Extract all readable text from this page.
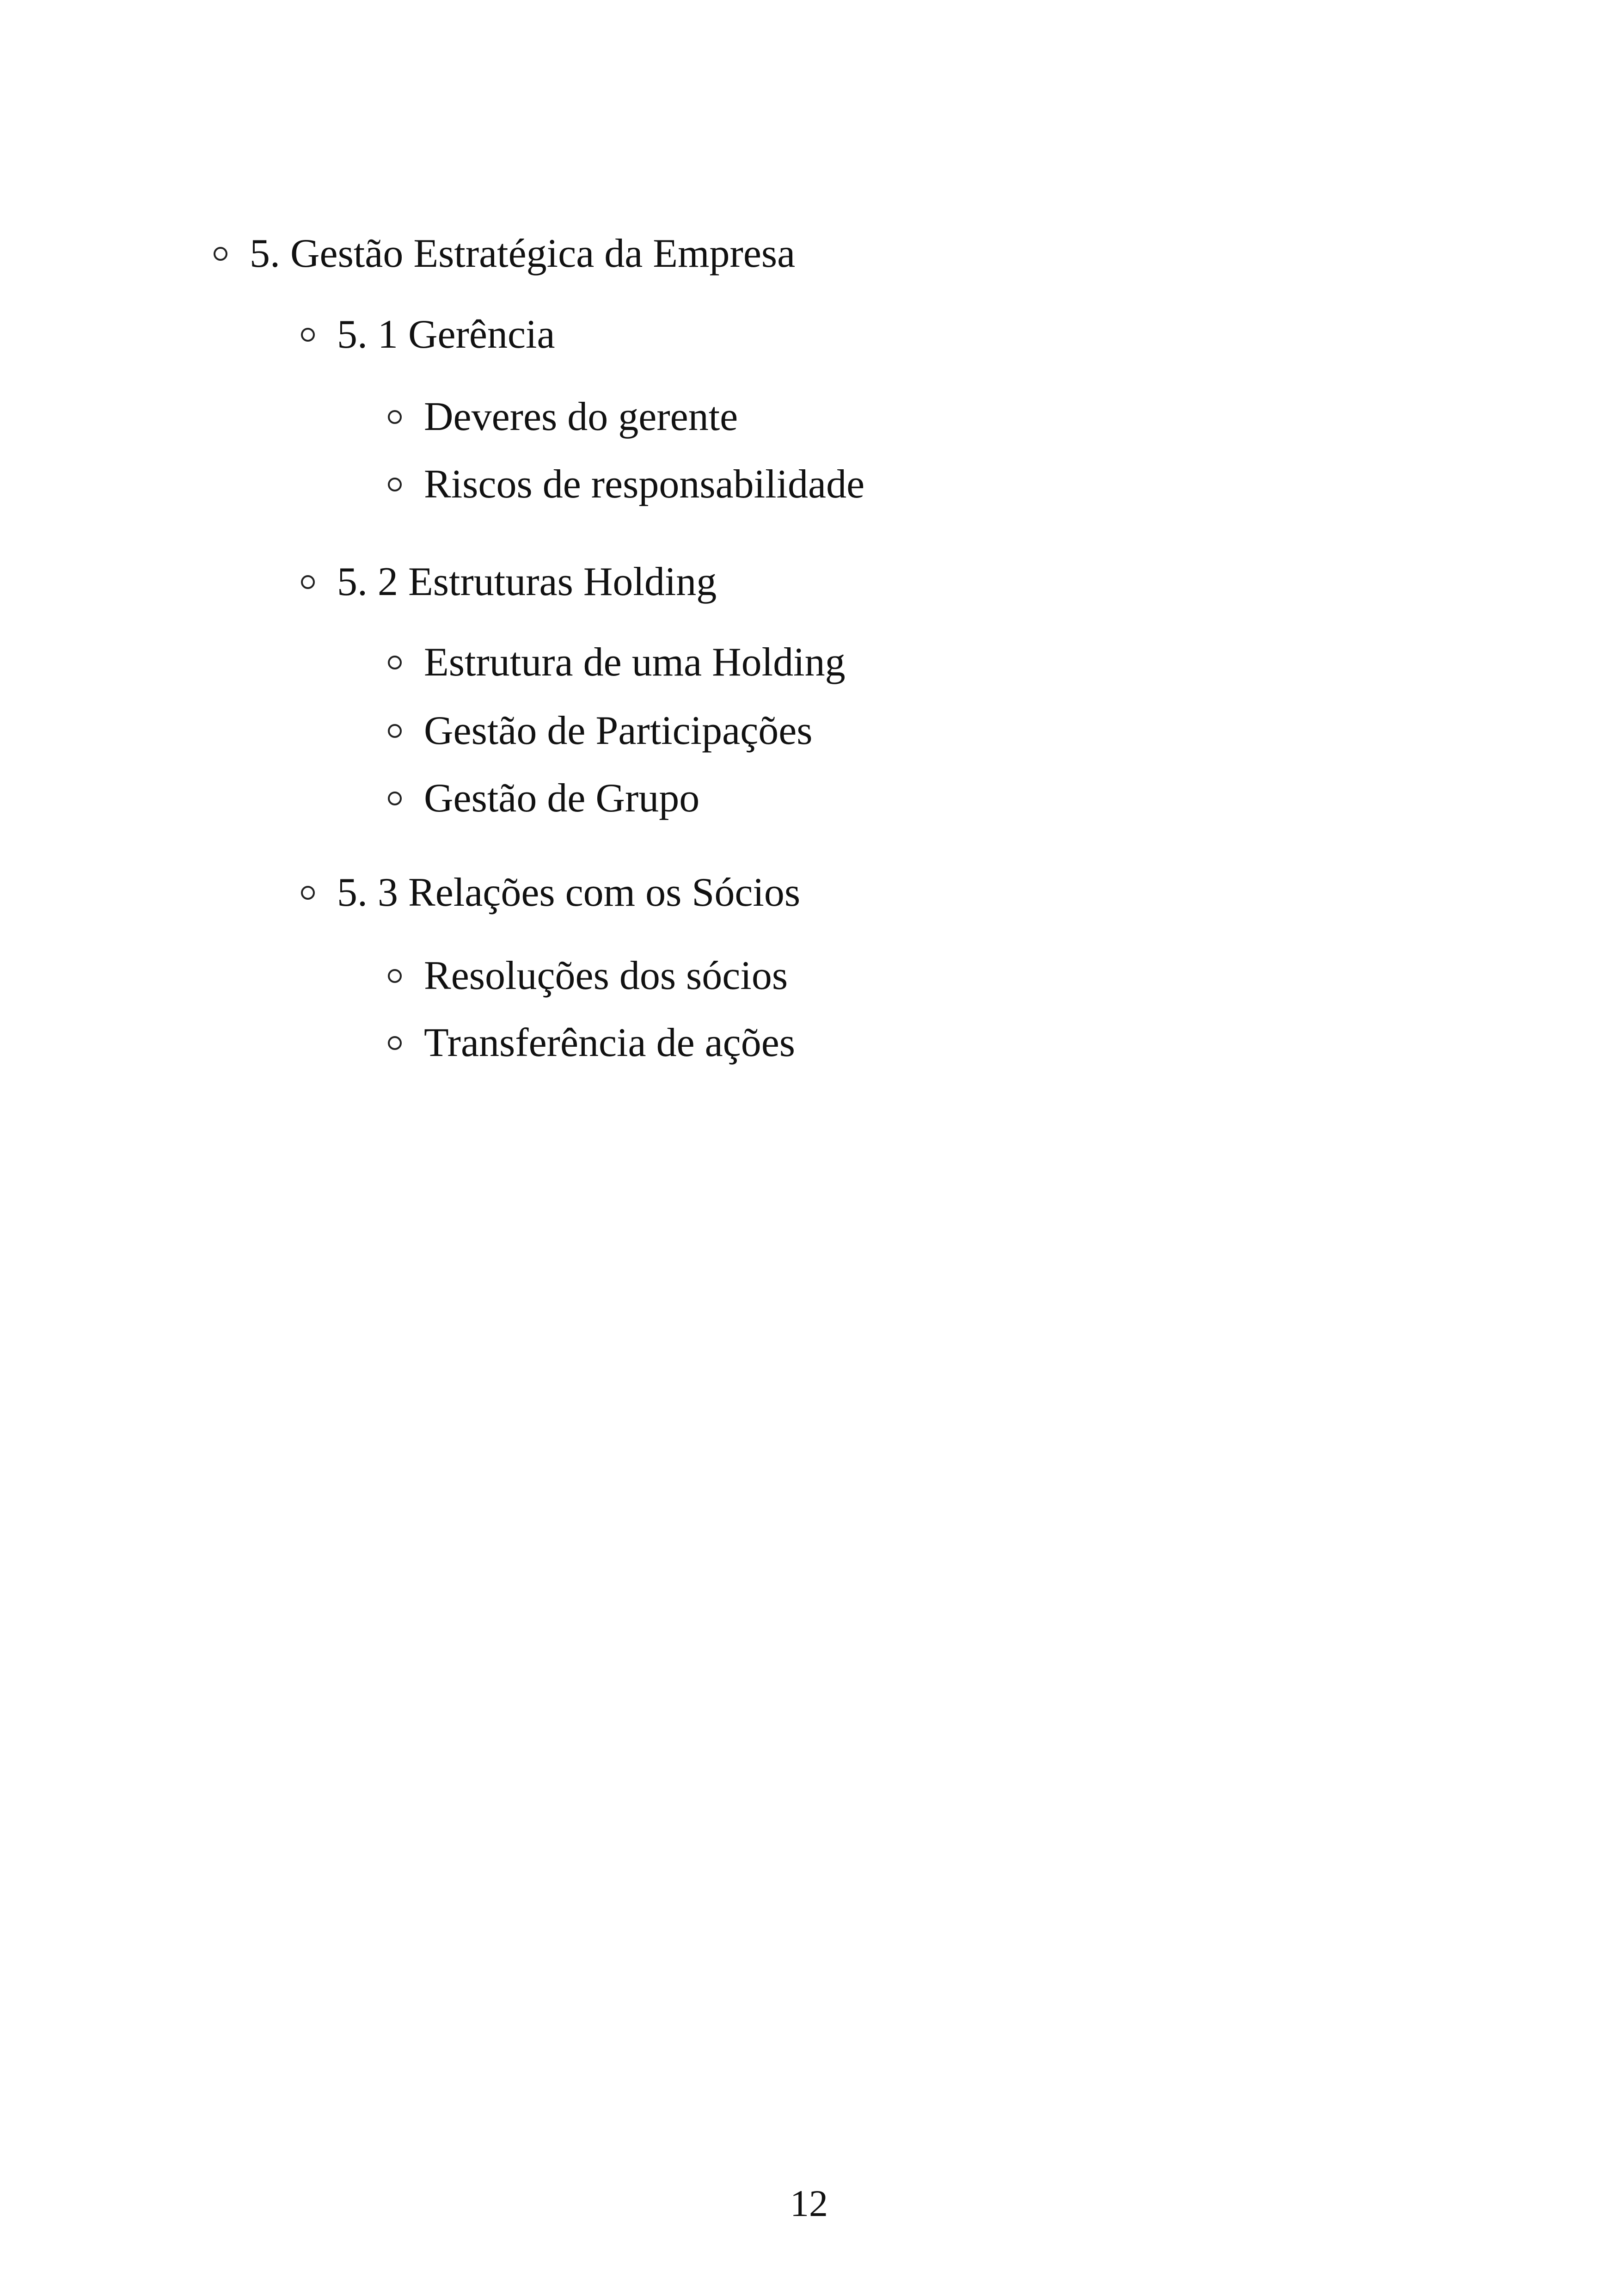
5. Gestão Estratégica da Empresa
5. 1 Gerência
Deveres do gerente
Riscos de responsabilidade
5. 2 Estruturas Holding
Estrutura de uma Holding
Gestão de Participações
Gestão de Grupo
5. 3 Relações com os Sócios
Resoluções dos sócios
Transferência de ações
12
